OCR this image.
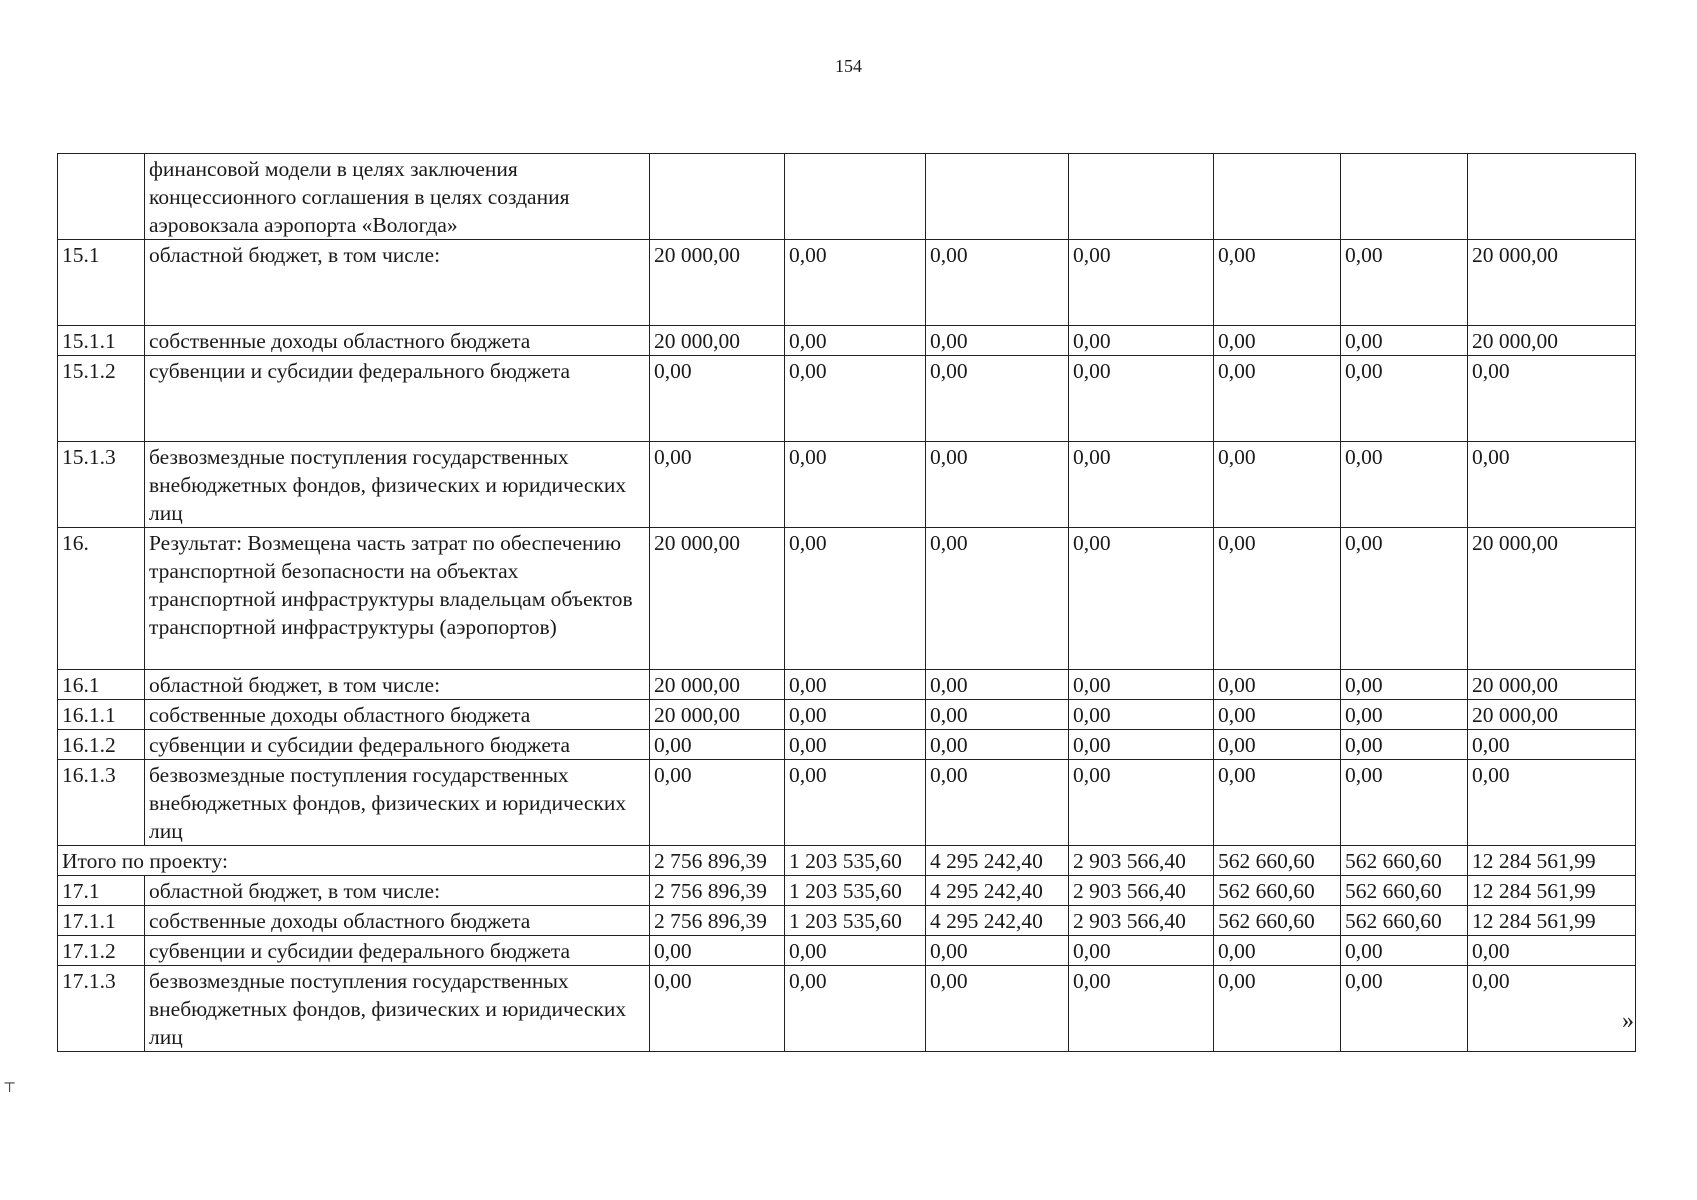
154
	финансовой модели в целях заключения концессионного соглашения в целях создания аэровокзала аэропорта «Вологда»							
15.1	областной бюджет, в том числе:	20 000,00	0,00	0,00	0,00	0,00	0,00	20 000,00
15.1.1	собственные доходы областного бюджета	20 000,00	0,00	0,00	0,00	0,00	0,00	20 000,00
15.1.2	субвенции и субсидии федерального бюджета	0,00	0,00	0,00	0,00	0,00	0,00	0,00
15.1.3	безвозмездные поступления государственных внебюджетных фондов, физических и юридических лиц	0,00	0,00	0,00	0,00	0,00	0,00	0,00
16.	Результат: Возмещена часть затрат по обеспечению транспортной безопасности на объектах транспортной инфраструктуры владельцам объектов транспортной инфраструктуры (аэропортов)	20 000,00	0,00	0,00	0,00	0,00	0,00	20 000,00
16.1	областной бюджет, в том числе:	20 000,00	0,00	0,00	0,00	0,00	0,00	20 000,00
16.1.1	собственные доходы областного бюджета	20 000,00	0,00	0,00	0,00	0,00	0,00	20 000,00
16.1.2	субвенции и субсидии федерального бюджета	0,00	0,00	0,00	0,00	0,00	0,00	0,00
16.1.3	безвозмездные поступления государственных внебюджетных фондов, физических и юридических лиц	0,00	0,00	0,00	0,00	0,00	0,00	0,00
Итого по проекту:		2 756 896,39	1 203 535,60	4 295 242,40	2 903 566,40	562 660,60	562 660,60	12 284 561,99
17.1	областной бюджет, в том числе:	2 756 896,39	1 203 535,60	4 295 242,40	2 903 566,40	562 660,60	562 660,60	12 284 561,99
17.1.1	собственные доходы областного бюджета	2 756 896,39	1 203 535,60	4 295 242,40	2 903 566,40	562 660,60	562 660,60	12 284 561,99
17.1.2	субвенции и субсидии федерального бюджета	0,00	0,00	0,00	0,00	0,00	0,00	0,00
17.1.3	безвозмездные поступления государственных внебюджетных фондов, физических и юридических лиц	0,00	0,00	0,00	0,00	0,00	0,00	0,00
»
⊤
